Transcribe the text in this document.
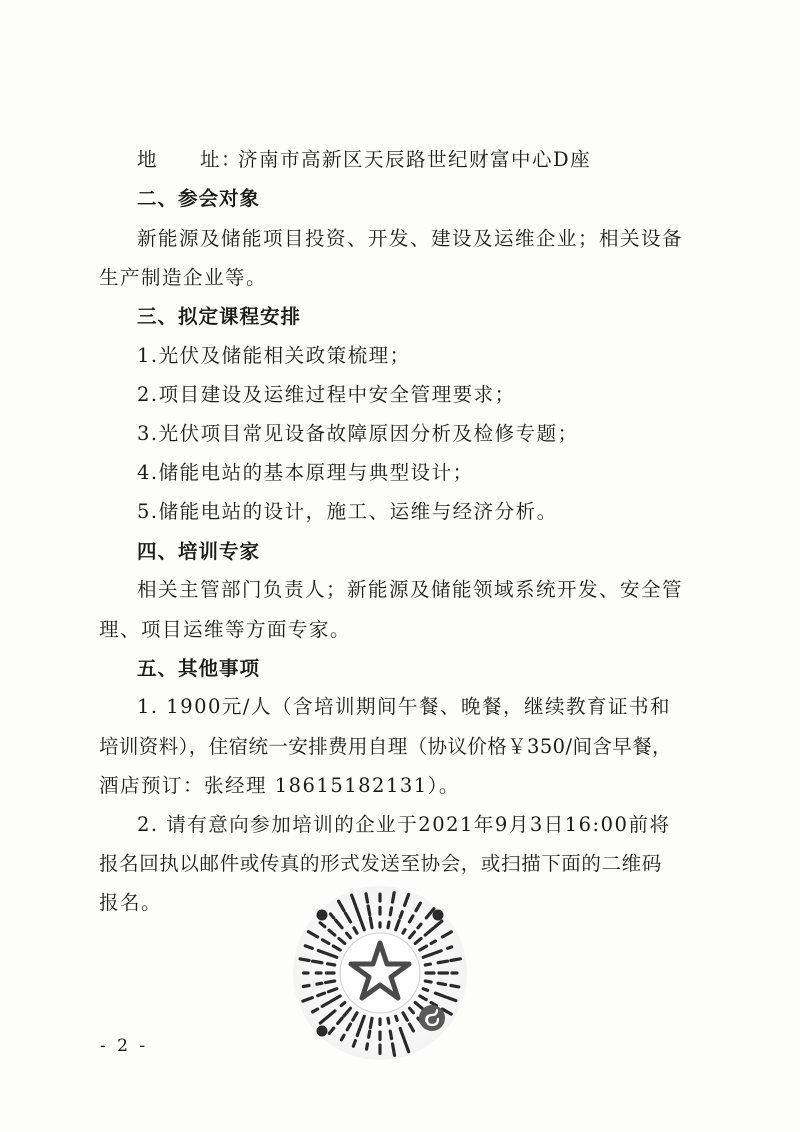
地 址：
济南市高新区天辰路世纪财富中心D座
二、参会对象
新能源及储能项目投资、开发、建设及运维企业；相关设备
生产制造企业等。
三、拟定课程安排
1.光伏及储能相关政策梳理；
2.项目建设及运维过程中安全管理要求；
3.光伏项目常见设备故障原因分析及检修专题；
4.储能电站的基本原理与典型设计；
5.储能电站的设计，施工、运维与经济分析。
四、培训专家
相关主管部门负责人；新能源及储能领域系统开发、安全管
理、项目运维等方面专家。
五、其他事项
1. 1900元/人（含培训期间午餐、晚餐，继续教育证书和
培训资料），住宿统一安排费用自理（协议价格￥350/间含早餐，
酒店预订：张经理 18615182131）。
2. 请有意向参加培训的企业于2021年9月3日16:00前将
报名回执以邮件或传真的形式发送至协会，或扫描下面的二维码
报名。
- 2 -
